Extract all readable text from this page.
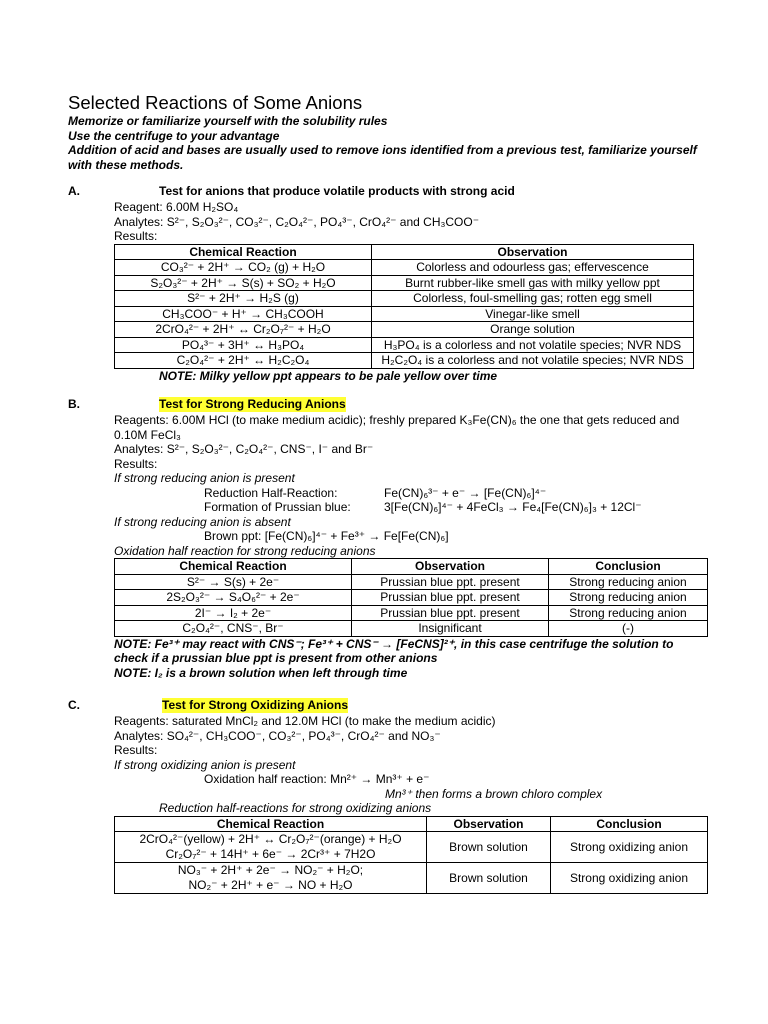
Selected Reactions of Some Anions
Memorize or familiarize yourself with the solubility rules
Use the centrifuge to your advantage
Addition of acid and bases are usually used to remove ions identified from a previous test, familiarize yourself with these methods.
A.	Test for anions that produce volatile products with strong acid
Reagent: 6.00M H₂SO₄
Analytes: S²⁻, S₂O₃²⁻, CO₃²⁻, C₂O₄²⁻, PO₄³⁻, CrO₄²⁻ and CH₃COO⁻
Results:
Chemical Reaction	Observation
CO₃²⁻ + 2H⁺ → CO₂ (g) + H₂O	Colorless and odourless gas; effervescence
S₂O₃²⁻ + 2H⁺ → S(s) + SO₂ + H₂O	Burnt rubber-like smell gas with milky yellow ppt
S²⁻ + 2H⁺ → H₂S (g)	Colorless, foul-smelling gas; rotten egg smell
CH₃COO⁻ + H⁺ → CH₃COOH	Vinegar-like smell
2CrO₄²⁻ + 2H⁺ ↔ Cr₂O₇²⁻ + H₂O	Orange solution
PO₄³⁻ + 3H⁺ ↔ H₃PO₄	H₃PO₄ is a colorless and not volatile species; NVR NDS
C₂O₄²⁻ + 2H⁺ ↔ H₂C₂O₄	H₂C₂O₄ is a colorless and not volatile species; NVR NDS
NOTE: Milky yellow ppt appears to be pale yellow over time
B.	Test for Strong Reducing Anions
Reagents: 6.00M HCl (to make medium acidic); freshly prepared K₃Fe(CN)₆ the one that gets reduced and 0.10M FeCl₃
Analytes: S²⁻, S₂O₃²⁻, C₂O₄²⁻, CNS⁻, I⁻ and Br⁻
Results:
If strong reducing anion is present
Reduction Half-Reaction:	Fe(CN)₆³⁻ + e⁻ → [Fe(CN)₆]⁴⁻
Formation of Prussian blue:	3[Fe(CN)₆]⁴⁻ + 4FeCl₃ → Fe₄[Fe(CN)₆]₃ + 12Cl⁻
If strong reducing anion is absent
Brown ppt: [Fe(CN)₆]⁴⁻ + Fe³⁺ → Fe[Fe(CN)₆]
Oxidation half reaction for strong reducing anions
Chemical Reaction	Observation	Conclusion
S²⁻ → S(s) + 2e⁻	Prussian blue ppt. present	Strong reducing anion
2S₂O₃²⁻ → S₄O₆²⁻ + 2e⁻	Prussian blue ppt. present	Strong reducing anion
2I⁻ → I₂ + 2e⁻	Prussian blue ppt. present	Strong reducing anion
C₂O₄²⁻, CNS⁻, Br⁻	Insignificant	(-)
NOTE: Fe³⁺ may react with CNS⁻; Fe³⁺ + CNS⁻ → [FeCNS]²⁺, in this case centrifuge the solution to check if a prussian blue ppt is present from other anions
NOTE: I₂ is a brown solution when left through time
C.	Test for Strong Oxidizing Anions
Reagents: saturated MnCl₂ and 12.0M HCl (to make the medium acidic)
Analytes: SO₄²⁻, CH₃COO⁻, CO₃²⁻, PO₄³⁻, CrO₄²⁻ and NO₃⁻
Results:
If strong oxidizing anion is present
Oxidation half reaction: Mn²⁺ → Mn³⁺ + e⁻
Mn³⁺ then forms a brown chloro complex
Reduction half-reactions for strong oxidizing anions
Chemical Reaction	Observation	Conclusion

2CrO₄²⁻(yellow) + 2H⁺ ↔ Cr₂O₇²⁻(orange) + H₂O
Cr₂O₇²⁻ + 14H⁺ + 6e⁻ → 2Cr³⁺ + 7H2O	Brown solution	Strong oxidizing anion

NO₃⁻ + 2H⁺ + 2e⁻ → NO₂⁻ + H₂O;
NO₂⁻ + 2H⁺ + e⁻ → NO + H₂O	Brown solution	Strong oxidizing anion
